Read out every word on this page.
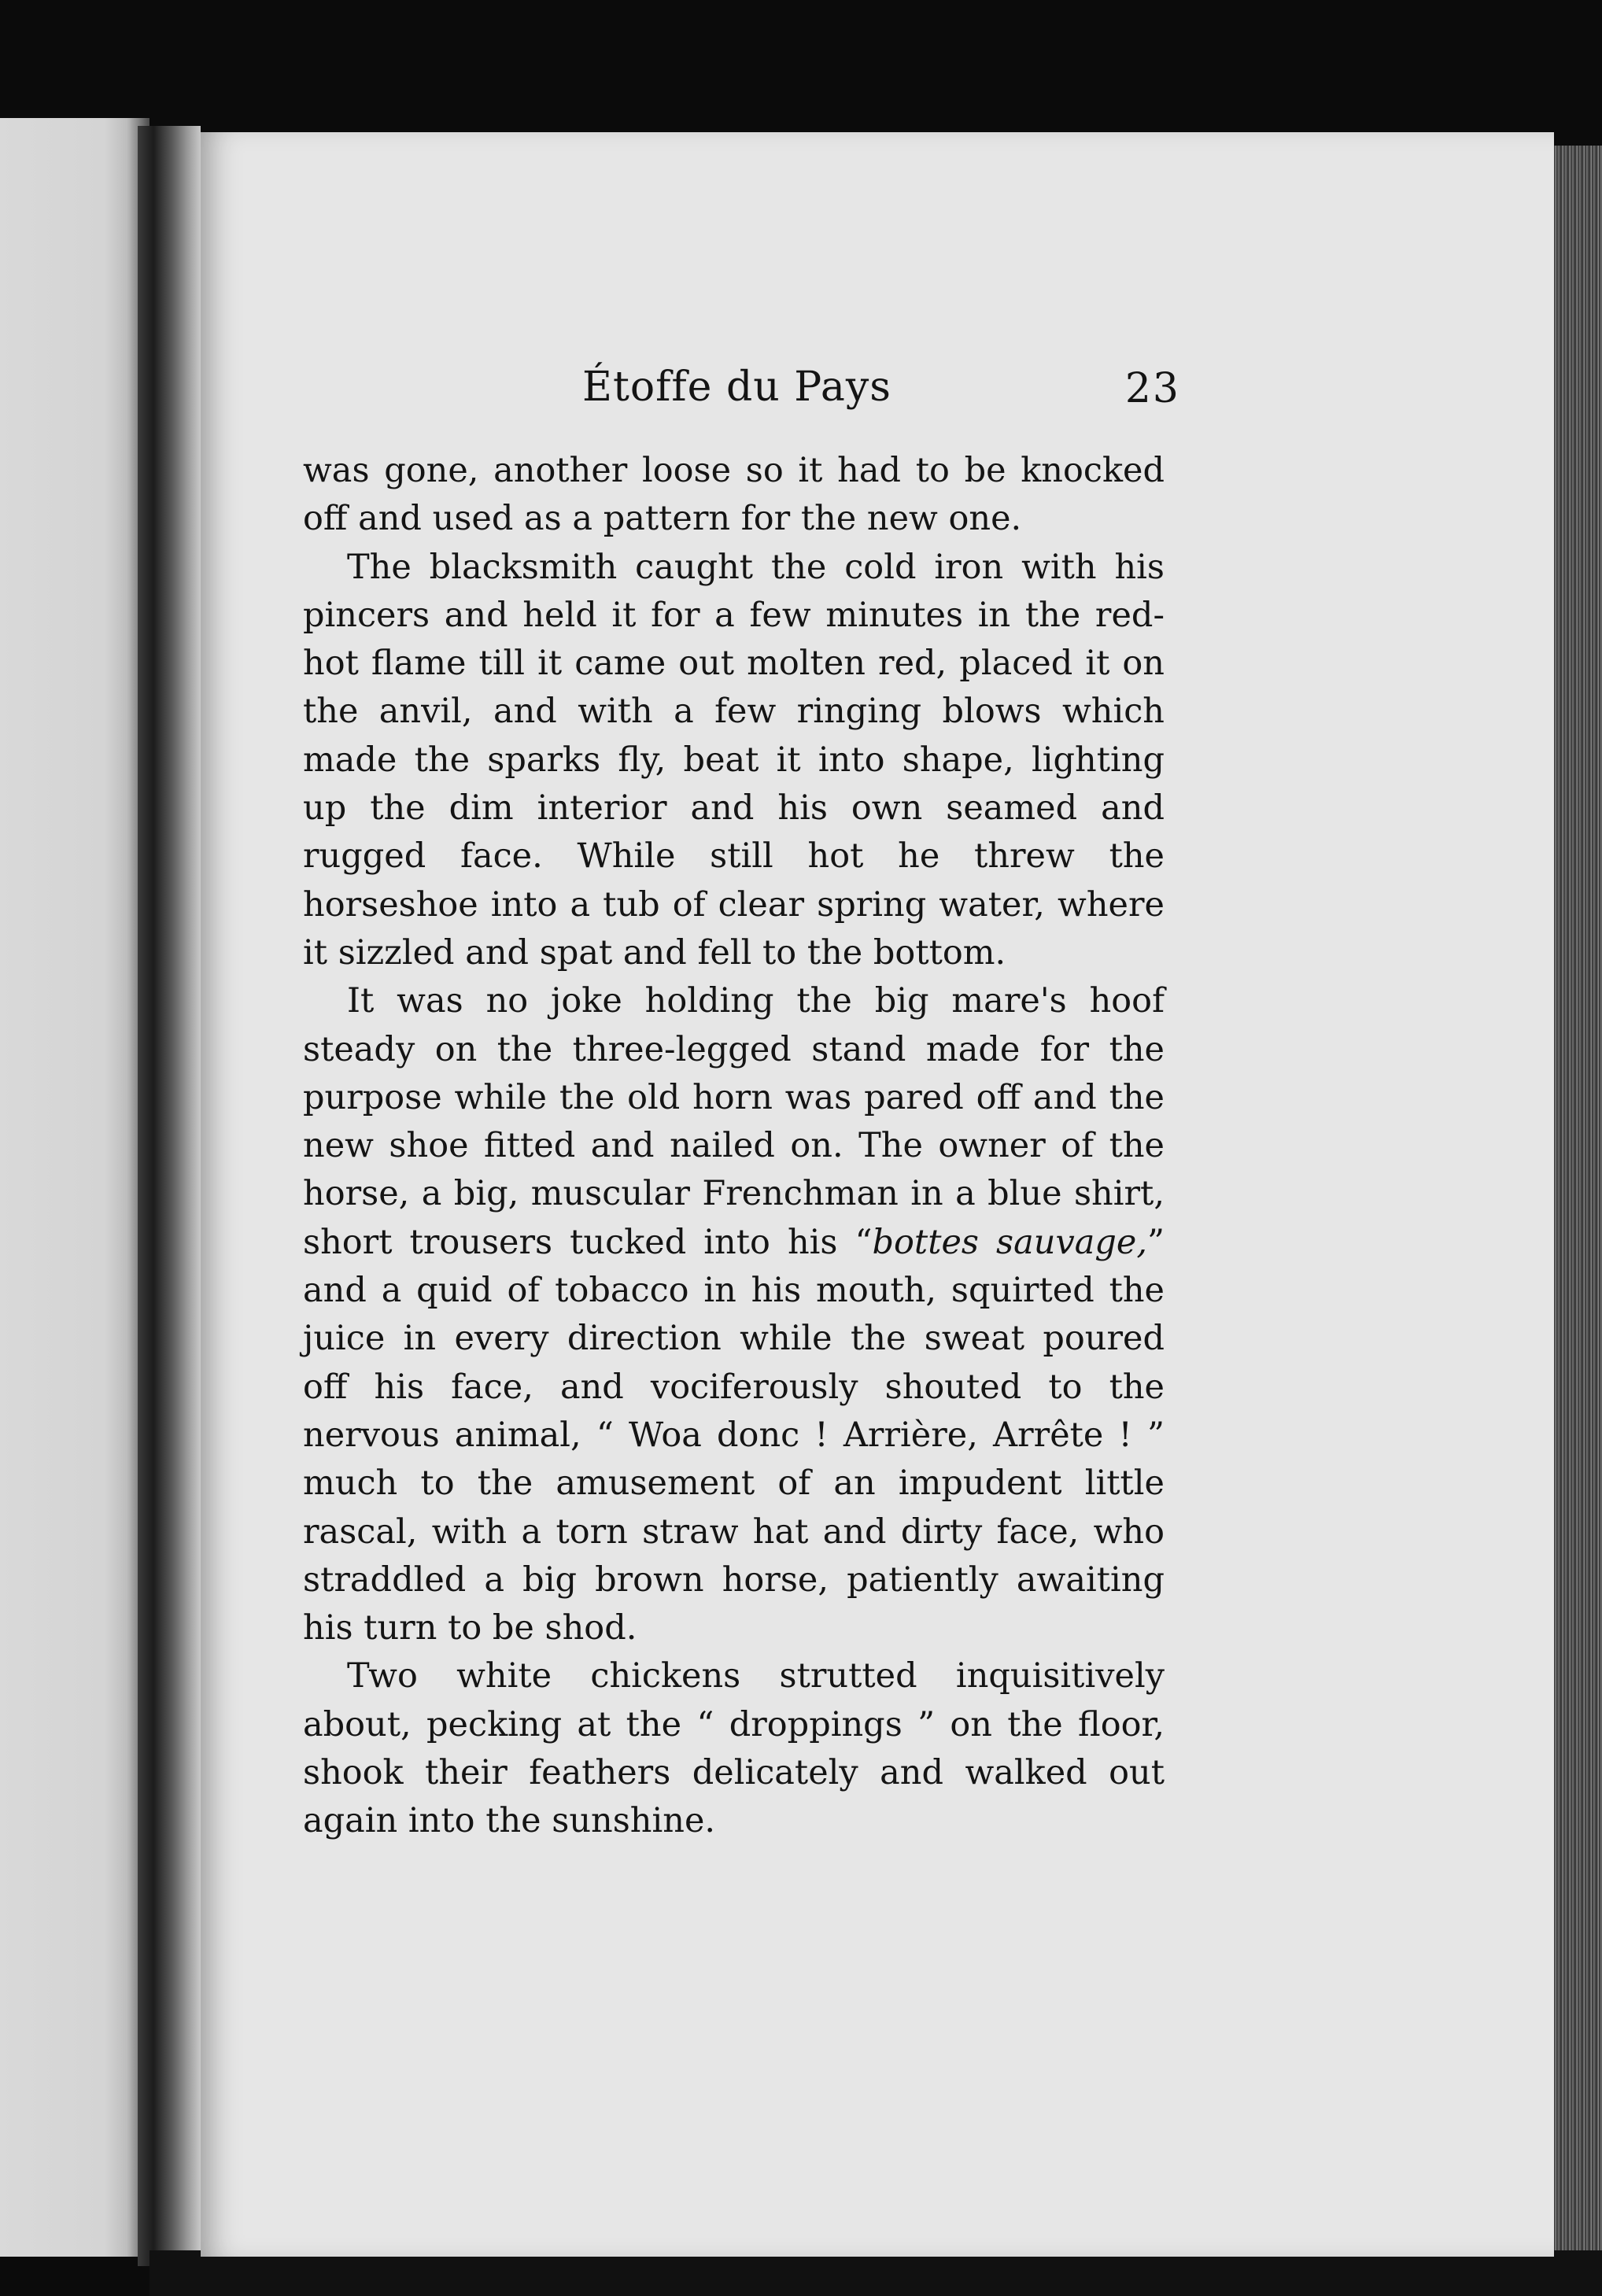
Étoffe du Pays	23

was gone, another loose so it had to be knocked off and used as a pattern for the new one.

The blacksmith caught the cold iron with his pincers and held it for a few minutes in the red-hot flame till it came out molten red, placed it on the anvil, and with a few ringing blows which made the sparks fly, beat it into shape, lighting up the dim interior and his own seamed and rugged face. While still hot he threw the horseshoe into a tub of clear spring water, where it sizzled and spat and fell to the bottom.

It was no joke holding the big mare's hoof steady on the three-legged stand made for the purpose while the old horn was pared off and the new shoe fitted and nailed on. The owner of the horse, a big, muscular Frenchman in a blue shirt, short trousers tucked into his “bottes sauvage,” and a quid of tobacco in his mouth, squirted the juice in every direction while the sweat poured off his face, and vociferously shouted to the nervous animal, “ Woa donc ! Arrière, Arrête ! ” much to the amusement of an impudent little rascal, with a torn straw hat and dirty face, who straddled a big brown horse, patiently awaiting his turn to be shod.

Two white chickens strutted inquisitively about, pecking at the “ droppings ” on the floor, shook their feathers delicately and walked out again into the sunshine.
